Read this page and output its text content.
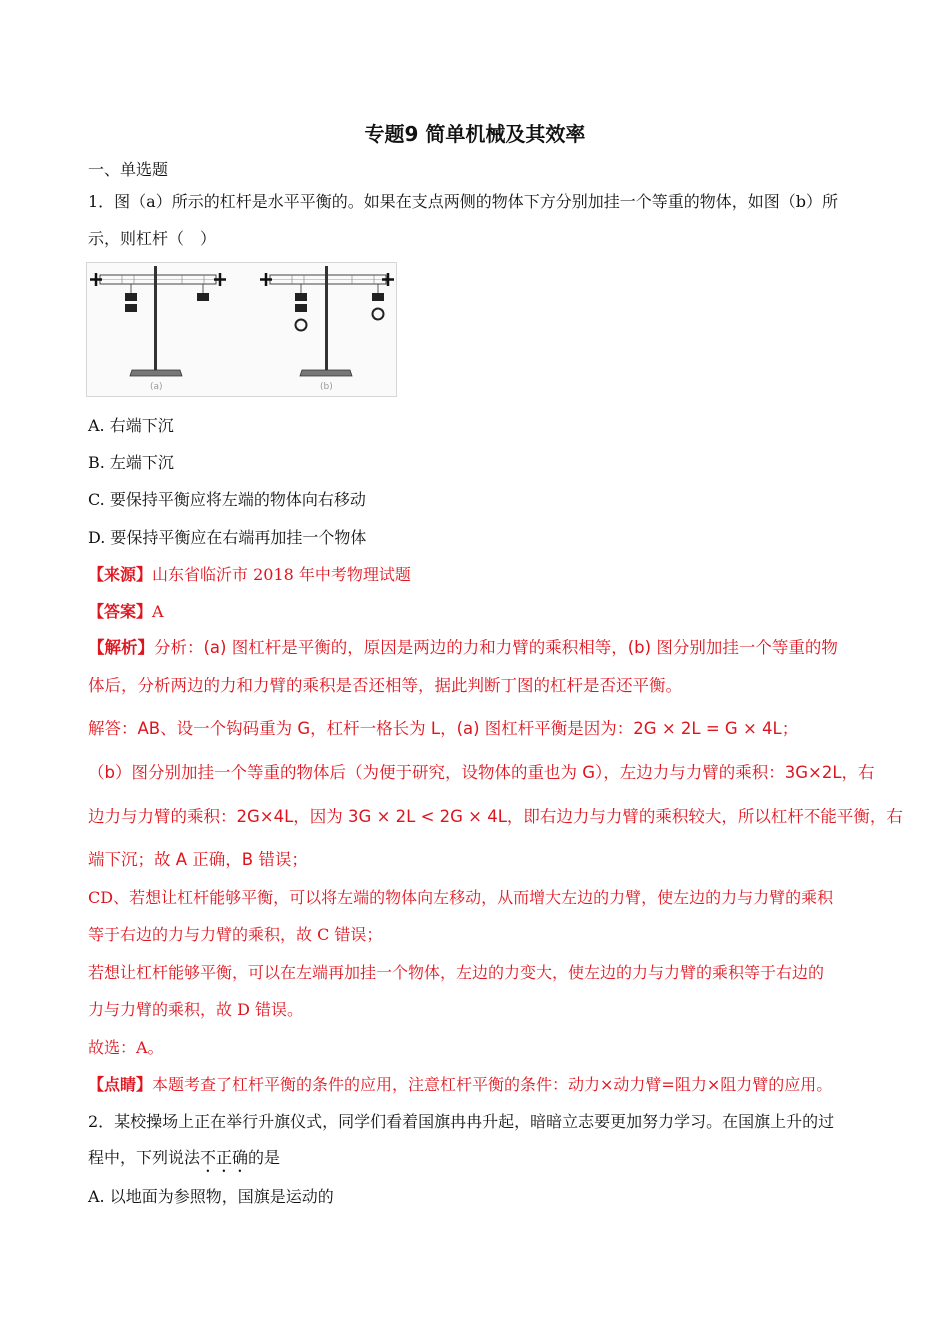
专题9 简单机械及其效率
一、单选题
1．图（a）所示的杠杆是水平平衡的。如果在支点两侧的物体下方分别加挂一个等重的物体，如图（b）所
示，则杠杆（　）
(a)	(b)
A. 右端下沉
B. 左端下沉
C. 要保持平衡应将左端的物体向右移动
D. 要保持平衡应在右端再加挂一个物体
【来源】山东省临沂市 2018 年中考物理试题
【答案】A
【解析】分析：(a) 图杠杆是平衡的，原因是两边的力和力臂的乘积相等，(b) 图分别加挂一个等重的物
体后，分析两边的力和力臂的乘积是否还相等，据此判断丁图的杠杆是否还平衡。
解答：AB、设一个钩码重为 G，杠杆一格长为 L，(a) 图杠杆平衡是因为：2G × 2L = G × 4L；
（b）图分别加挂一个等重的物体后（为便于研究，设物体的重也为 G），左边力与力臂的乘积：3G×2L，右
边力与力臂的乘积：2G×4L，因为 3G × 2L < 2G × 4L，即右边力与力臂的乘积较大，所以杠杆不能平衡，右
端下沉；故 A 正确，B 错误；
CD、若想让杠杆能够平衡，可以将左端的物体向左移动，从而增大左边的力臂，使左边的力与力臂的乘积
等于右边的力与力臂的乘积，故 C 错误；
若想让杠杆能够平衡，可以在左端再加挂一个物体，左边的力变大，使左边的力与力臂的乘积等于右边的
力与力臂的乘积，故 D 错误。
故选：A。
【点睛】本题考查了杠杆平衡的条件的应用，注意杠杆平衡的条件：动力×动力臂=阻力×阻力臂的应用。
2．某校操场上正在举行升旗仪式，同学们看着国旗冉冉升起，暗暗立志要更加努力学习。在国旗上升的过
程中，下列说法不正确的是
A. 以地面为参照物，国旗是运动的
